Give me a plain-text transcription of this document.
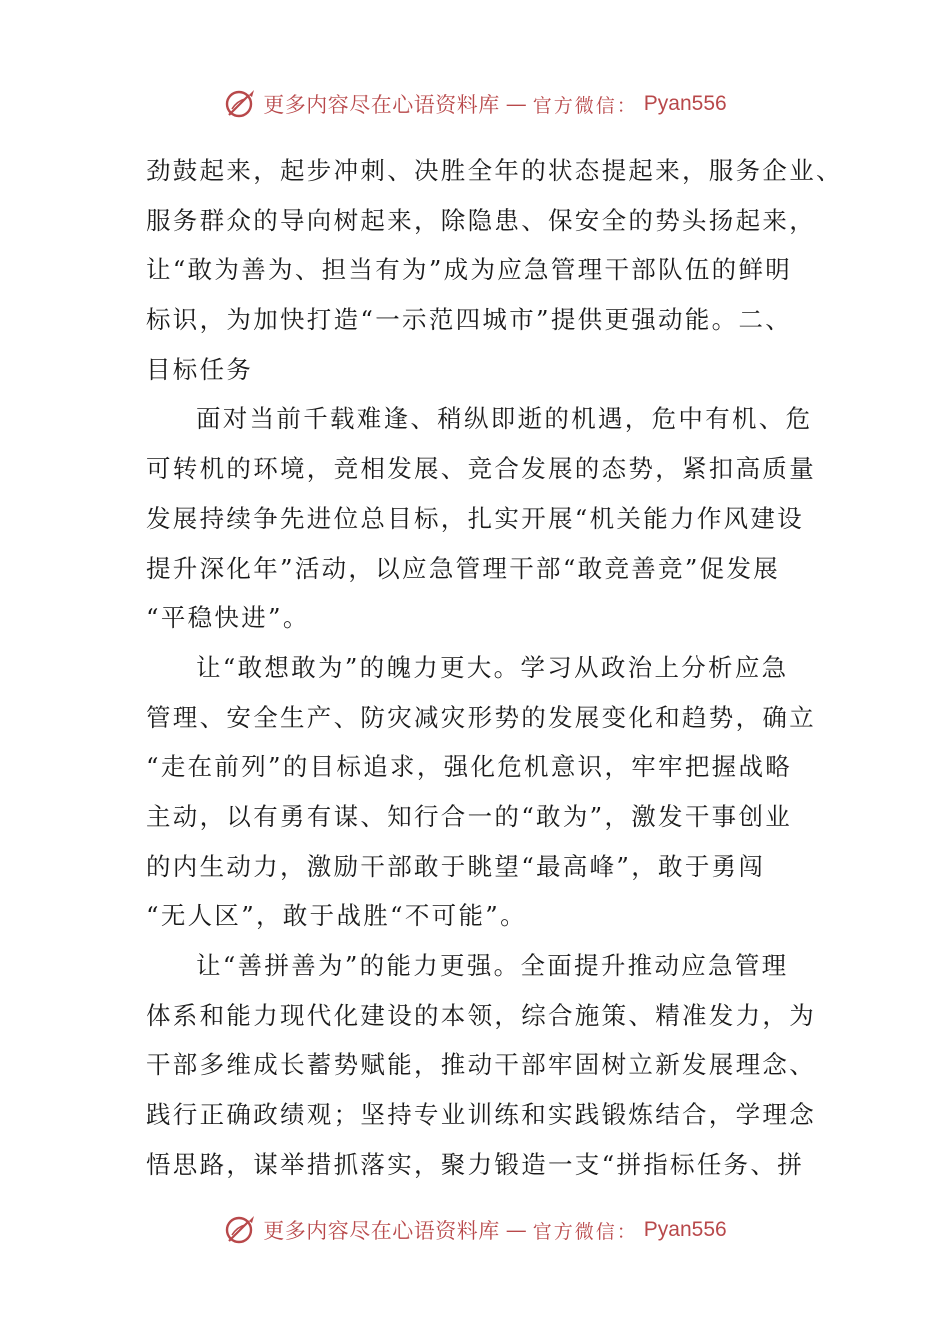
更多内容尽在心语资料库 — 官方微信： Pyan556
劲鼓起来，起步冲刺、决胜全年的状态提起来，服务企业、
服务群众的导向树起来，除隐患、保安全的势头扬起来，
让“敢为善为、担当有为”成为应急管理干部队伍的鲜明
标识，为加快打造“一示范四城市”提供更强动能。二、
目标任务
面对当前千载难逢、稍纵即逝的机遇，危中有机、危
可转机的环境，竞相发展、竞合发展的态势，紧扣高质量
发展持续争先进位总目标，扎实开展“机关能力作风建设
提升深化年”活动，以应急管理干部“敢竞善竞”促发展
“平稳快进”。
让“敢想敢为”的魄力更大。学习从政治上分析应急
管理、安全生产、防灾减灾形势的发展变化和趋势，确立
“走在前列”的目标追求，强化危机意识，牢牢把握战略
主动，以有勇有谋、知行合一的“敢为”，激发干事创业
的内生动力，激励干部敢于眺望“最高峰”，敢于勇闯
“无人区”，敢于战胜“不可能”。
让“善拼善为”的能力更强。全面提升推动应急管理
体系和能力现代化建设的本领，综合施策、精准发力，为
干部多维成长蓄势赋能，推动干部牢固树立新发展理念、
践行正确政绩观；坚持专业训练和实践锻炼结合，学理念
悟思路，谋举措抓落实，聚力锻造一支“拼指标任务、拼
更多内容尽在心语资料库 — 官方微信： Pyan556
